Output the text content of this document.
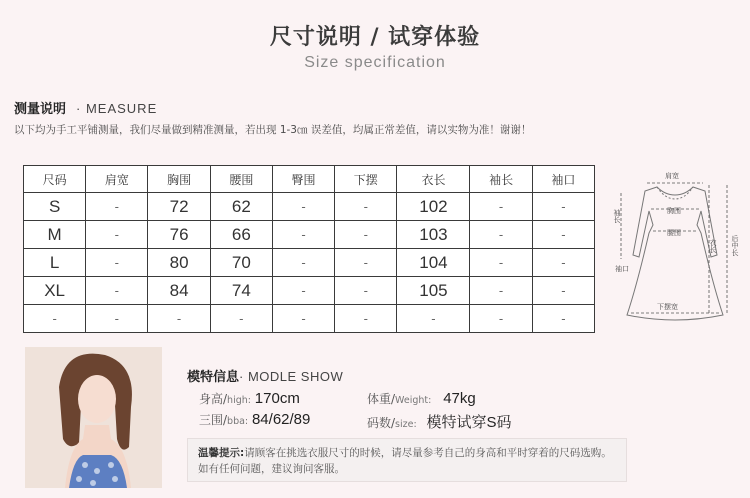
尺寸说明 / 试穿体验
Size specification
测量说明 · MEASURE
以下均为手工平铺测量，我们尽量做到精准测量，若出现 1-3㎝ 误差值，均属正常差值，请以实物为准！谢谢！
尺码	肩宽	胸围	腰围	臀围	下摆	衣长	袖长	袖口
S	-	72	62	-	-	102	-	-
M	-	76	66	-	-	103	-	-
L	-	80	70	-	-	104	-	-
XL	-	84	74	-	-	105	-	-
-	-	-	-	-	-	-	-	-
肩宽
胸围
腰围
下摆宽
袖口
袖长
衣长 后中长
模特信息· MODLE SHOW
身高/high: 170cm	体重/Weight: 47kg
三围/bba: 84/62/89	码数/size: 模特试穿S码
温馨提示:请顾客在挑选衣服尺寸的时候，请尽量参考自己的身高和平时穿着的尺码选购。如有任何问题，建议询问客服。
